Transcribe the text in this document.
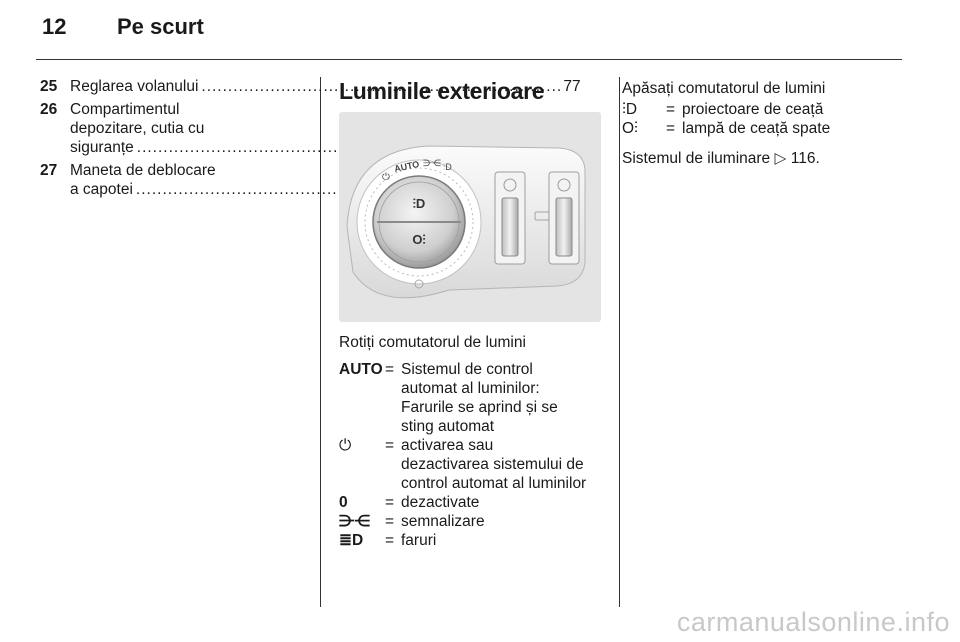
12 Pe scurt
25 Reglarea volanului
.....	77
26 Compartimentul
depozitare, cutia cu
siguranțe
.....
27 Maneta de deblocare
a capotei
.....
Luminile exterioare
⫶D
O⫶
⏻
AUTO ⋺⋲ ⫶D
Rotiți comutatorul de lumini
AUTO = Sistemul de control
automat al luminilor:
Farurile se aprind și se
sting automat
⏻	= activarea sau
dezactivarea sistemului de
control automat al luminilor
0	= dezactivate
⋺⋲ = semnalizare
≣D	= faruri
Apăsați comutatorul de lumini
⫶D	= proiectoare de ceață
O⫶	= lampă de ceață spate
Sistemul de iluminare ▷ 116.
carmanualsonline.info
